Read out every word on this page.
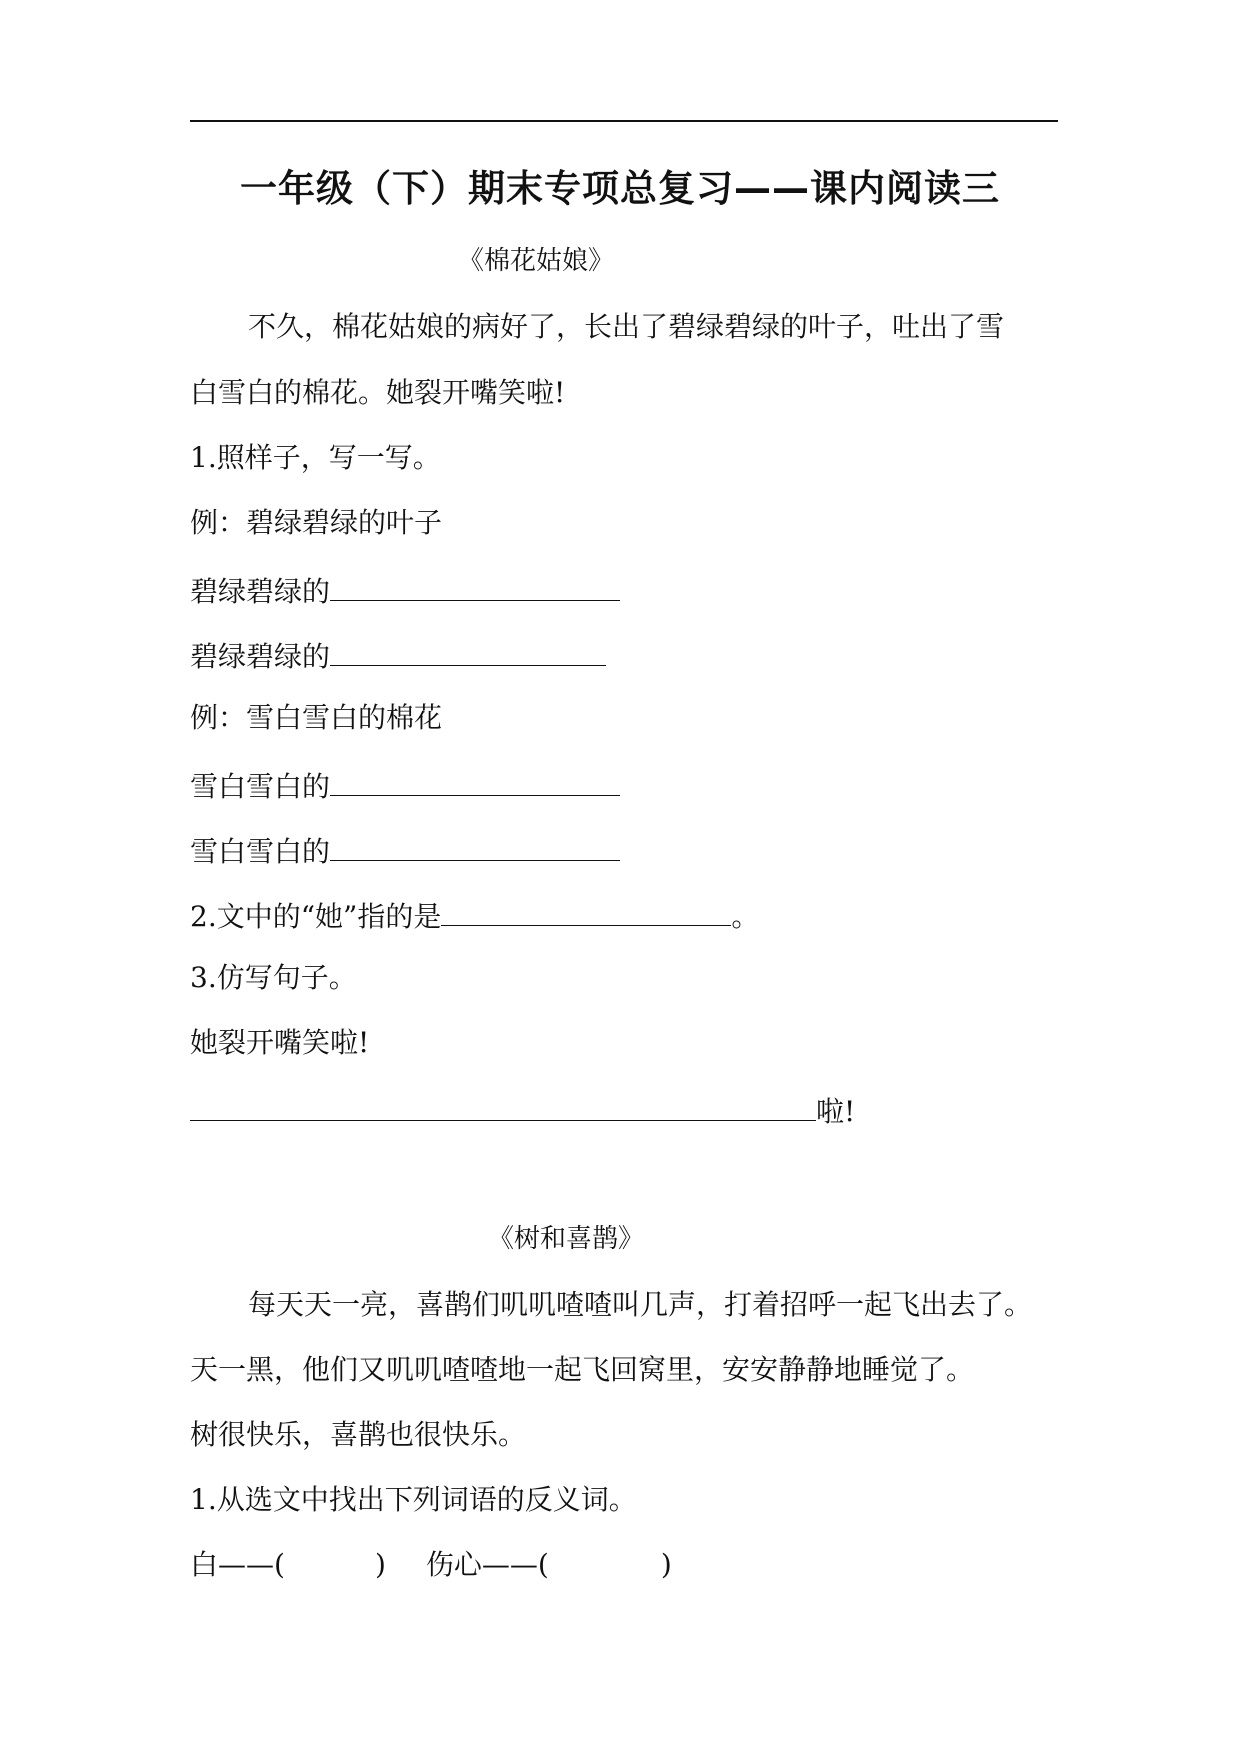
一年级（下）期末专项总复习——课内阅读三
《棉花姑娘》
不久，棉花姑娘的病好了，长出了碧绿碧绿的叶子，吐出了雪
白雪白的棉花。她裂开嘴笑啦!
1.照样子，写一写。
例：碧绿碧绿的叶子
碧绿碧绿的
碧绿碧绿的
例：雪白雪白的棉花
雪白雪白的
雪白雪白的
2.文中的“她”指的是	。
3.仿写句子。
她裂开嘴笑啦!
啦!
《树和喜鹊》
每天天一亮，喜鹊们叽叽喳喳叫几声，打着招呼一起飞出去了。
天一黑，他们又叽叽喳喳地一起飞回窝里，安安静静地睡觉了。
树很快乐，喜鹊也很快乐。
1.从选文中找出下列词语的反义词。
白——(	) 伤心——(	)
